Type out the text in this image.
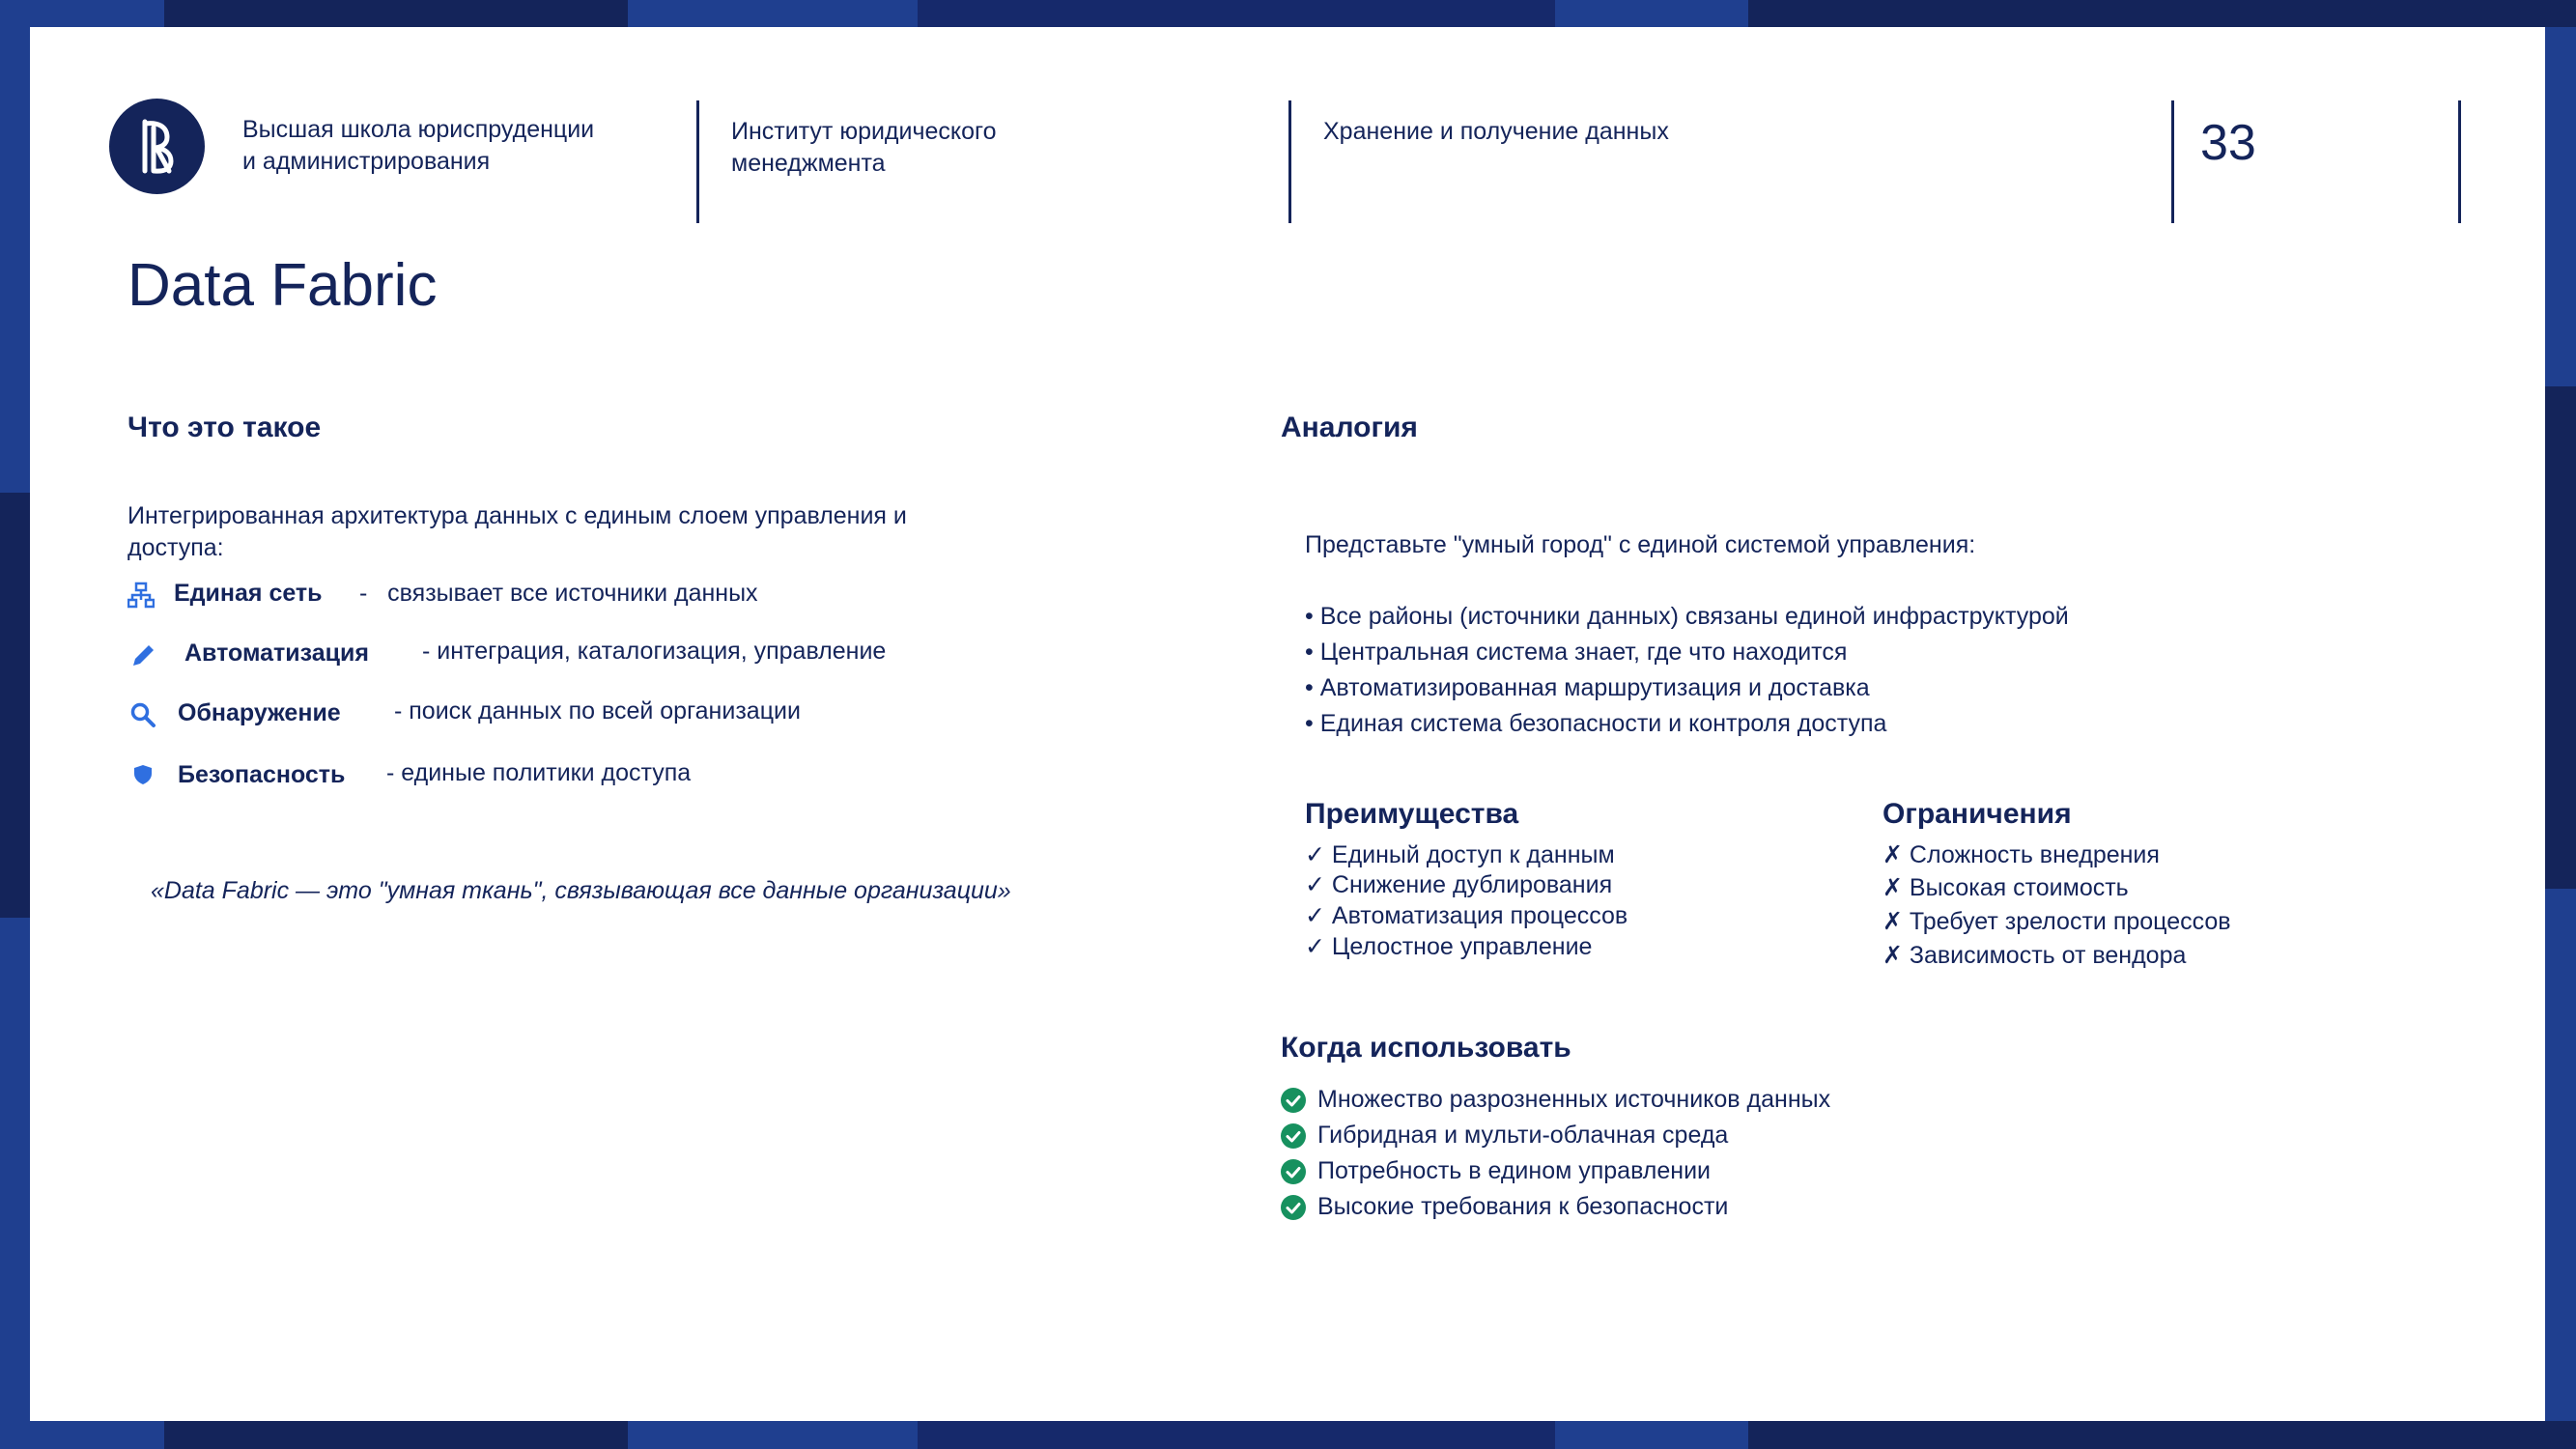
Высшая школа юриспруденции
и администрирования
Институт юридического
менеджмента
Хранение и получение данных	33
Data Fabric
Что это такое
Интегрированная архитектура данных с единым слоем управления и
доступа:
Единая сеть -   связывает все источники данных
Автоматизация - интеграция, каталогизация, управление
Обнаружение - поиск данных по всей организации
Безопасность - единые политики доступа
«Data Fabric — это "умная ткань", связывающая все данные организации»
Аналогия
Представьте "умный город" с единой системой управления:
• Все районы (источники данных) связаны единой инфраструктурой
• Центральная система знает, где что находится
• Автоматизированная маршрутизация и доставка
• Единая система безопасности и контроля доступа
Преимущества
✓ Единый доступ к данным
✓ Снижение дублирования
✓ Автоматизация процессов
✓ Целостное управление
Ограничения
✗ Сложность внедрения
✗ Высокая стоимость
✗ Требует зрелости процессов
✗ Зависимость от вендора
Когда использовать
Множество разрозненных источников данных
Гибридная и мульти-облачная среда
Потребность в едином управлении
Высокие требования к безопасности
